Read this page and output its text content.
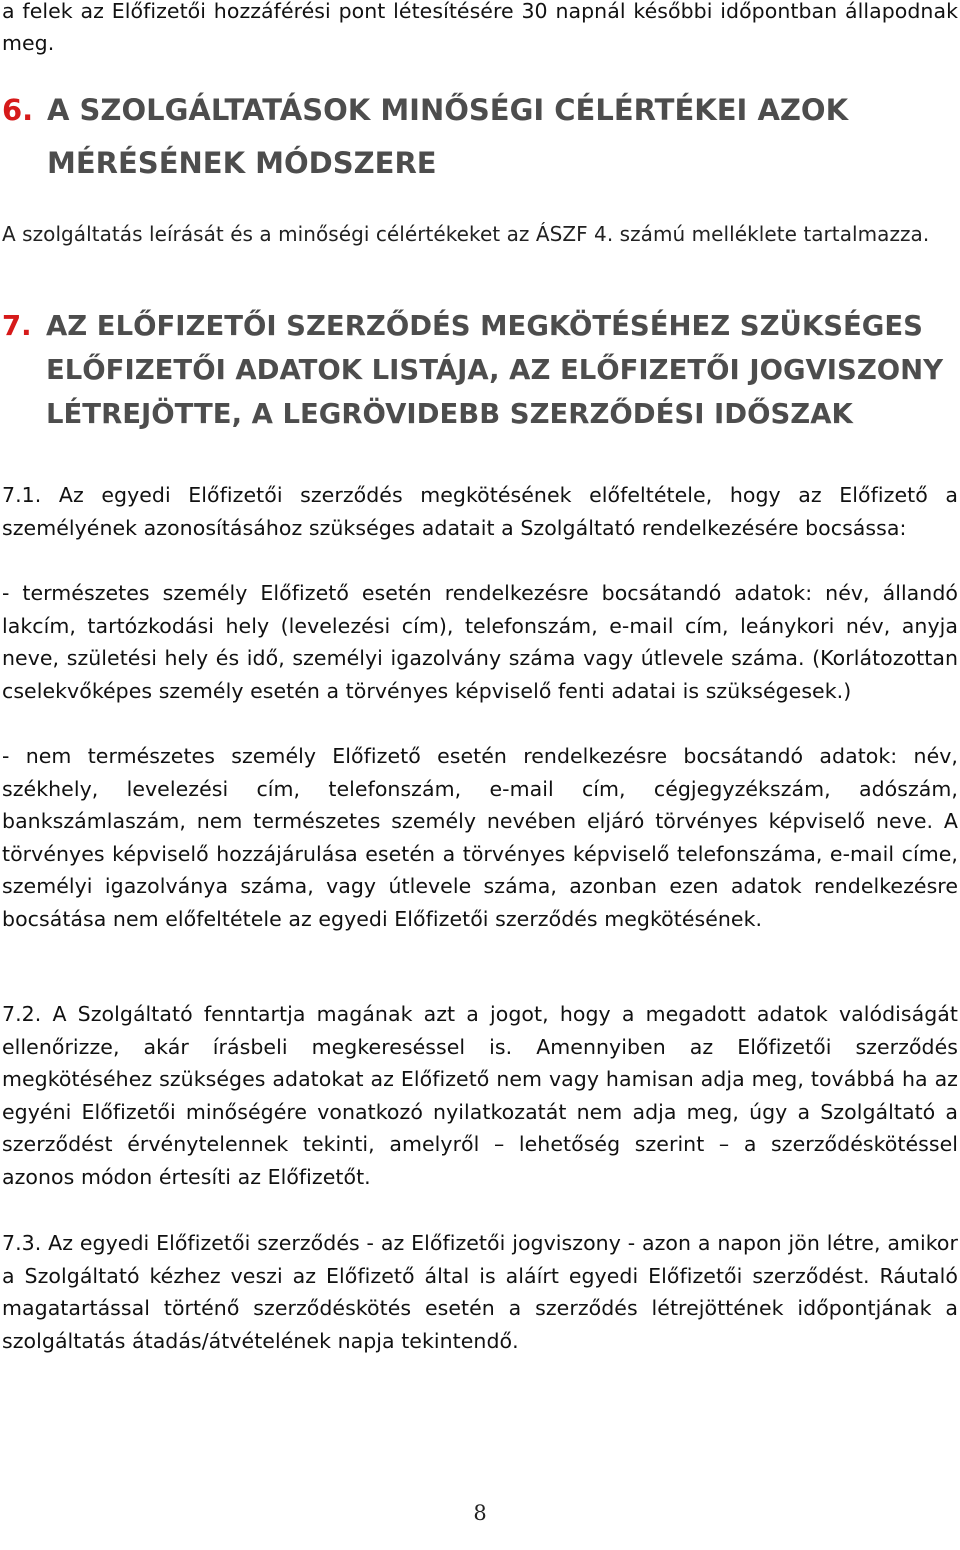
a felek az Előfizetői hozzáférési pont létesítésére 30 napnál későbbi időpontban állapodnak meg.

6. A SZOLGÁLTATÁSOK MINŐSÉGI CÉLÉRTÉKEI AZOK MÉRÉSÉNEK MÓDSZERE

A szolgáltatás leírását és a minőségi célértékeket az ÁSZF 4. számú melléklete tartalmazza.

7. AZ ELŐFIZETŐI SZERZŐDÉS MEGKÖTÉSÉHEZ SZÜKSÉGES ELŐFIZETŐI ADATOK LISTÁJA, AZ ELŐFIZETŐI JOGVISZONY LÉTREJÖTTE, A LEGRÖVIDEBB SZERZŐDÉSI IDŐSZAK

7.1. Az egyedi Előfizetői szerződés megkötésének előfeltétele, hogy az Előfizető a személyének azonosításához szükséges adatait a Szolgáltató rendelkezésére bocsássa:

- természetes személy Előfizető esetén rendelkezésre bocsátandó adatok: név, állandó lakcím, tartózkodási hely (levelezési cím), telefonszám, e-mail cím, leánykori név, anyja neve, születési hely és idő, személyi igazolvány száma vagy útlevele száma. (Korlátozottan cselekvőképes személy esetén a törvényes képviselő fenti adatai is szükségesek.)

- nem természetes személy Előfizető esetén rendelkezésre bocsátandó adatok: név, székhely, levelezési cím, telefonszám, e-mail cím, cégjegyzékszám, adószám, bankszámlaszám, nem természetes személy nevében eljáró törvényes képviselő neve. A törvényes képviselő hozzájárulása esetén a törvényes képviselő telefonszáma, e-mail címe, személyi igazolványa száma, vagy útlevele száma, azonban ezen adatok rendelkezésre bocsátása nem előfeltétele az egyedi Előfizetői szerződés megkötésének.

7.2. A Szolgáltató fenntartja magának azt a jogot, hogy a megadott adatok valódiságát ellenőrizze, akár írásbeli megkereséssel is. Amennyiben az Előfizetői szerződés megkötéséhez szükséges adatokat az Előfizető nem vagy hamisan adja meg, továbbá ha az egyéni Előfizetői minőségére vonatkozó nyilatkozatát nem adja meg, úgy a Szolgáltató a szerződést érvénytelennek tekinti, amelyről – lehetőség szerint – a szerződéskötéssel azonos módon értesíti az Előfizetőt.

7.3. Az egyedi Előfizetői szerződés - az Előfizetői jogviszony - azon a napon jön létre, amikor a Szolgáltató kézhez veszi az Előfizető által is aláírt egyedi Előfizetői szerződést. Ráutaló magatartással történő szerződéskötés esetén a szerződés létrejöttének időpontjának a szolgáltatás átadás/átvételének napja tekintendő.

8
